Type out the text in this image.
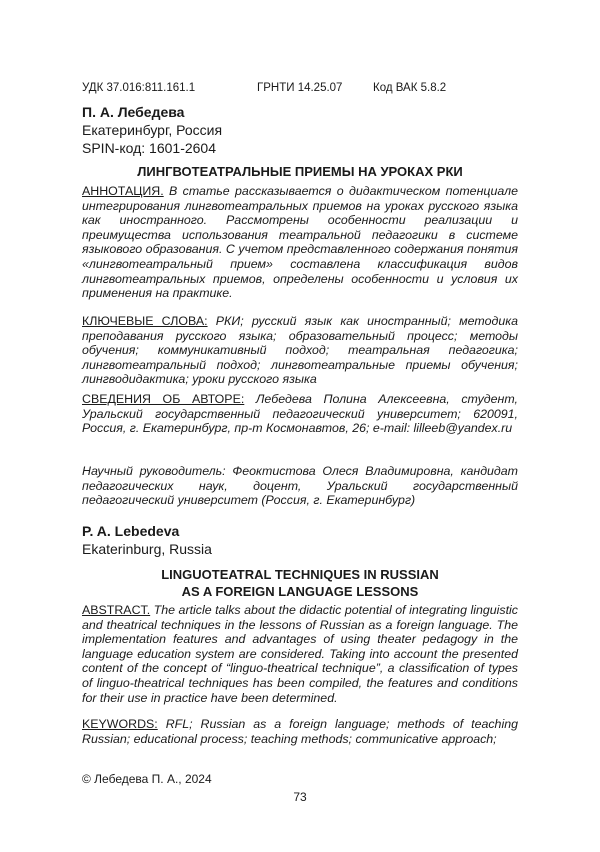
УДК 37.016:811.161.1	ГРНТИ 14.25.07	Код ВАК 5.8.2
П. А. Лебедева
Екатеринбург, Россия
SPIN-код: 1601-2604
ЛИНГВОТЕАТРАЛЬНЫЕ ПРИЕМЫ НА УРОКАХ РКИ
АННОТАЦИЯ. В статье рассказывается о дидактическом потенциале интегрирования лингвотеатральных приемов на уроках русского языка как иностранного. Рассмотрены особенности реализации и преимущества использования театральной педагогики в системе языкового образования. С учетом представленного содержания понятия «лингвотеатральный прием» составлена классификация видов лингвотеатральных приемов, определены особенности и условия их применения на практике.
КЛЮЧЕВЫЕ СЛОВА: РКИ; русский язык как иностранный; методика преподавания русского языка; образовательный процесс; методы обучения; коммуникативный подход; театральная педагогика; лингвотеатральный подход; лингвотеатральные приемы обучения; лингводидактика; уроки русского языка
СВЕДЕНИЯ ОБ АВТОРЕ: Лебедева Полина Алексеевна, студент, Уральский государственный педагогический университет; 620091, Россия, г. Екатеринбург, пр-т Космонавтов, 26; e-mail: lilleeb@yandex.ru
Научный руководитель: Феоктистова Олеся Владимировна, кандидат педагогических наук, доцент, Уральский государственный педагогический университет (Россия, г. Екатеринбург)
P. A. Lebedeva
Ekaterinburg, Russia
LINGUOTEATRAL TECHNIQUES IN RUSSIAN
AS A FOREIGN LANGUAGE LESSONS
ABSTRACT. The article talks about the didactic potential of integrating linguistic and theatrical techniques in the lessons of Russian as a foreign language. The implementation features and advantages of using theater pedagogy in the language education system are considered. Taking into account the presented content of the concept of “linguo-theatrical technique”, a classification of types of linguo-theatrical techniques has been compiled, the features and conditions for their use in practice have been determined.
KEYWORDS: RFL; Russian as a foreign language; methods of teaching Russian; educational process; teaching methods; communicative approach;
© Лебедева П. А., 2024
73
